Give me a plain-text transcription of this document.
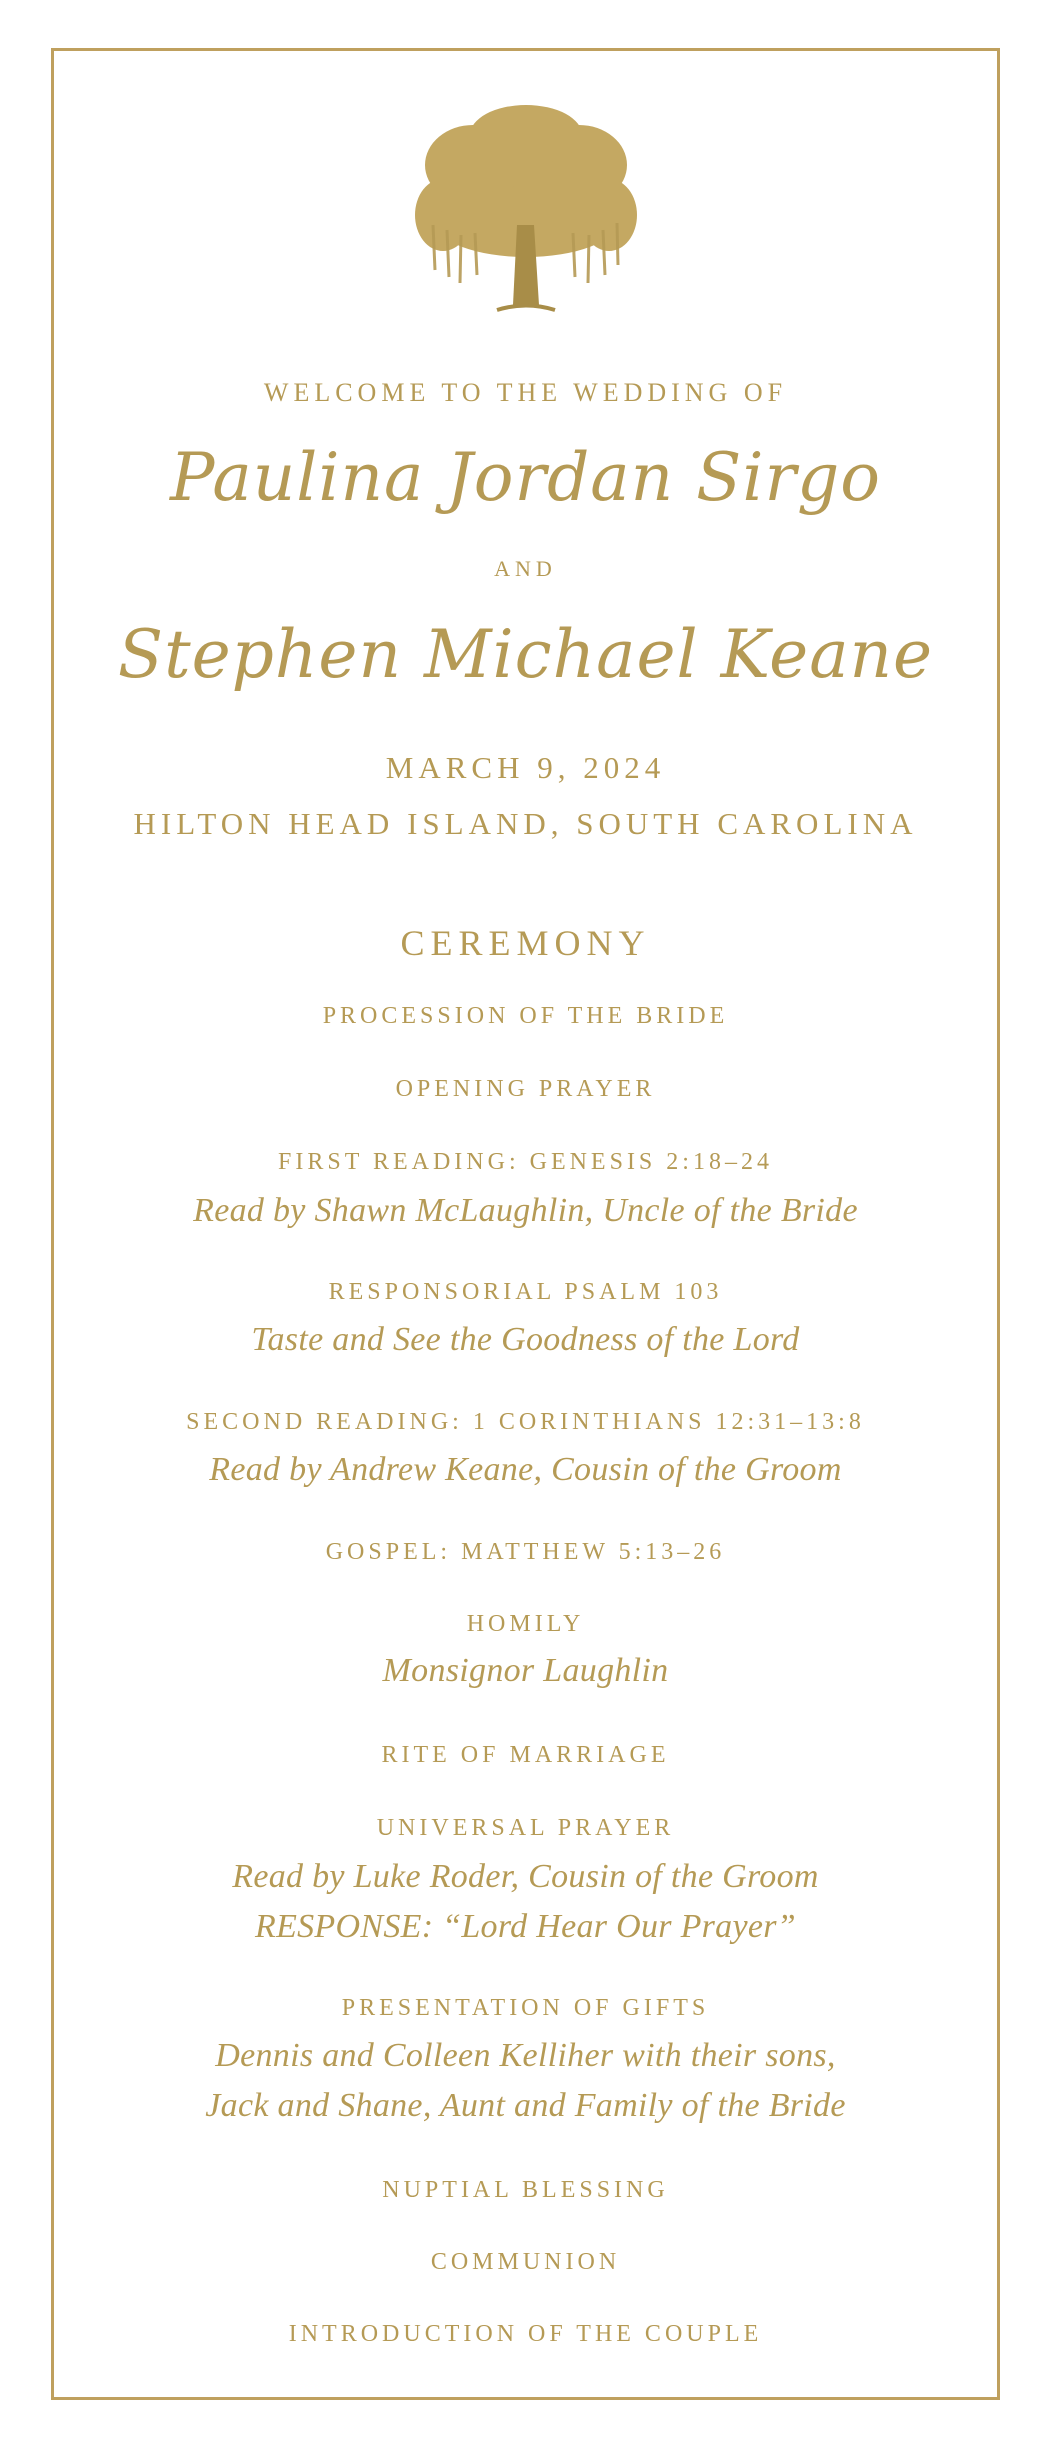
WELCOME TO THE WEDDING OF
Paulina Jordan Sirgo
AND
Stephen Michael Keane
MARCH 9, 2024
HILTON HEAD ISLAND, SOUTH CAROLINA
CEREMONY
PROCESSION OF THE BRIDE
OPENING PRAYER
FIRST READING: GENESIS 2:18–24
Read by Shawn McLaughlin, Uncle of the Bride
RESPONSORIAL PSALM 103
Taste and See the Goodness of the Lord
SECOND READING: 1 CORINTHIANS 12:31–13:8
Read by Andrew Keane, Cousin of the Groom
GOSPEL: MATTHEW 5:13–26
HOMILY
Monsignor Laughlin
RITE OF MARRIAGE
UNIVERSAL PRAYER
Read by Luke Roder, Cousin of the Groom
RESPONSE: “Lord Hear Our Prayer”
PRESENTATION OF GIFTS
Dennis and Colleen Kelliher with their sons,
Jack and Shane, Aunt and Family of the Bride
NUPTIAL BLESSING
COMMUNION
INTRODUCTION OF THE COUPLE
